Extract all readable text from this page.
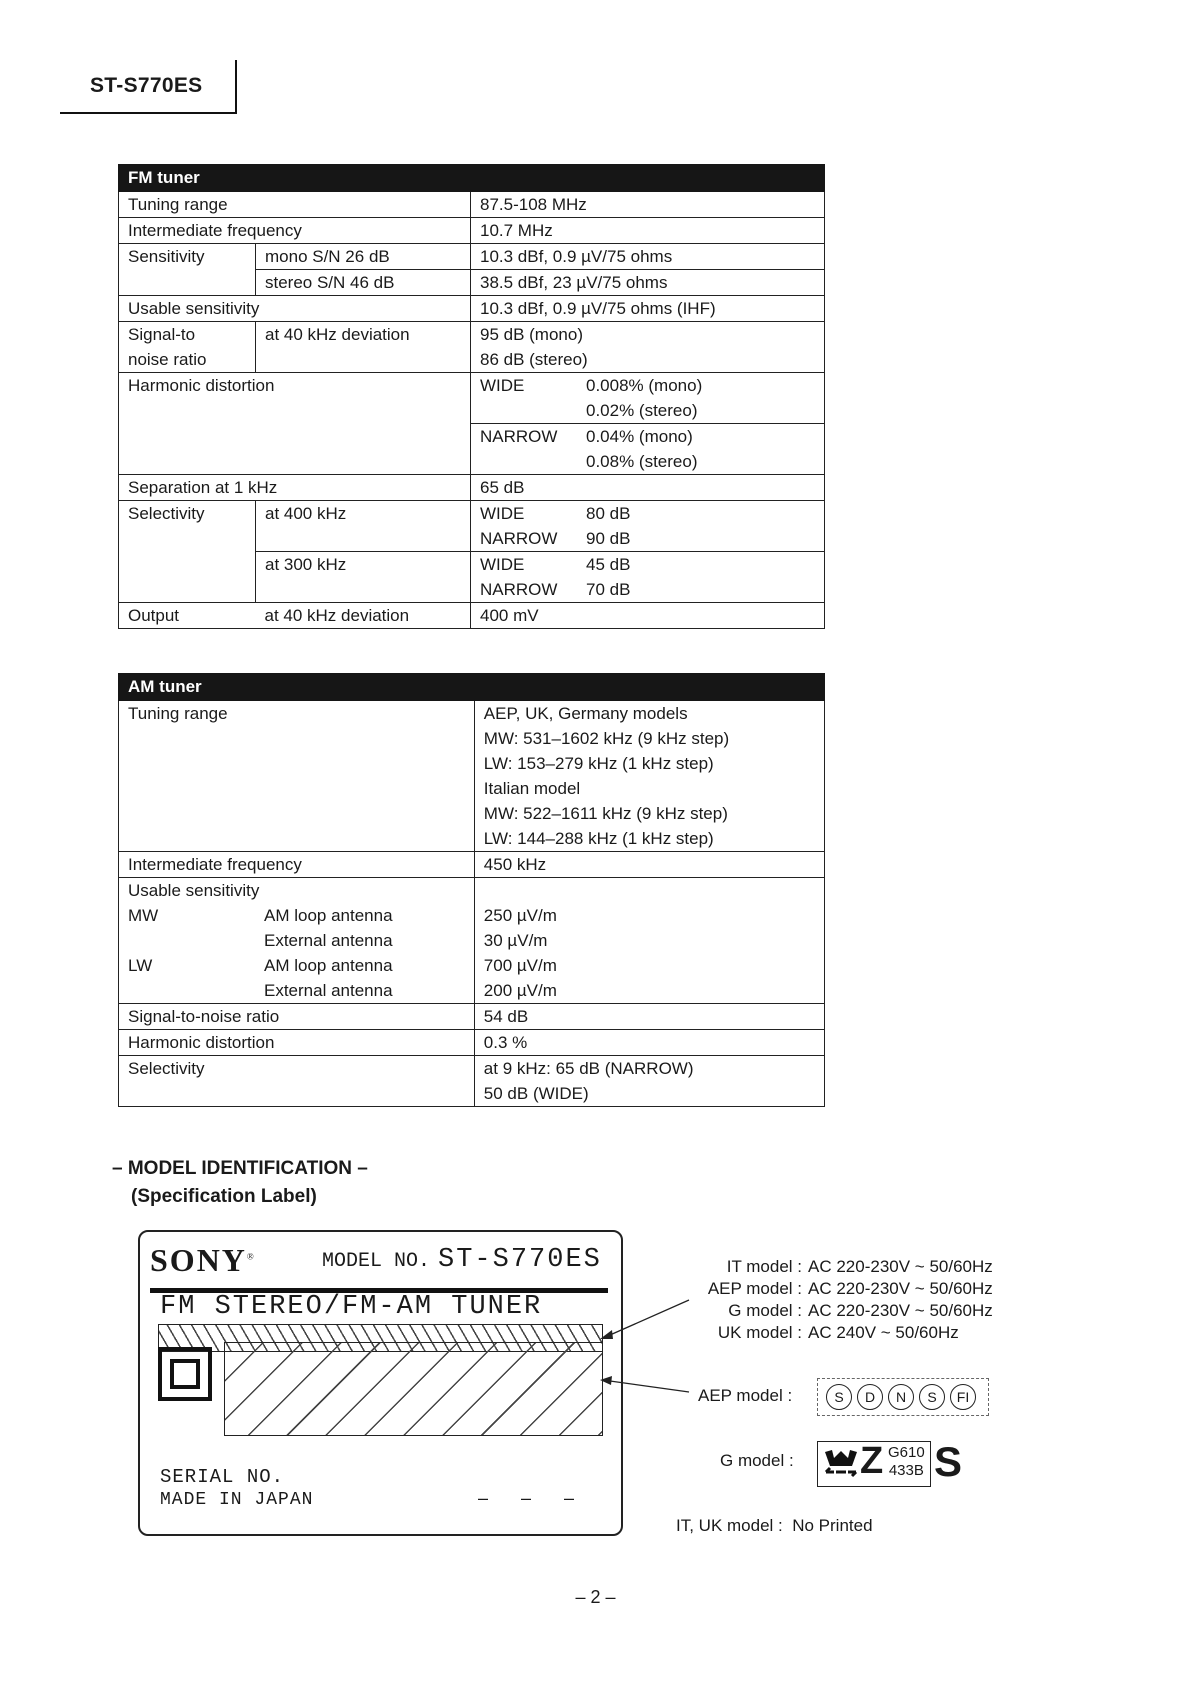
ST-S770ES
FM tuner		
Tuning range		87.5-108 MHz
Intermediate frequency		10.7 MHz
Sensitivity	mono S/N 26 dB	10.3 dBf, 0.9 µV/75 ohms
	stereo S/N 46 dB	38.5 dBf, 23 µV/75 ohms
Usable sensitivity		10.3 dBf, 0.9 µV/75 ohms (IHF)
Signal-to	at 40 kHz deviation	95 dB (mono)
noise ratio		86 dB (stereo)
Harmonic distortion		WIDE 0.008% (mono)
		0.02% (stereo)
		NARROW 0.04% (mono)
		0.08% (stereo)
Separation at 1 kHz		65 dB
Selectivity	at 400 kHz	WIDE 80 dB
		NARROW 90 dB
	at 300 kHz	WIDE 45 dB
		NARROW 70 dB
Output	at 40 kHz deviation	400 mV
AM tuner	
Tuning range	AEP, UK, Germany models
	MW: 531–1602 kHz (9 kHz step)
	LW: 153–279 kHz (1 kHz step)
	Italian model
	MW: 522–1611 kHz (9 kHz step)
	LW: 144–288 kHz (1 kHz step)
Intermediate frequency	450 kHz
Usable sensitivity	
MW AM loop antenna	250 µV/m
External antenna	30 µV/m
LW AM loop antenna	700 µV/m
External antenna	200 µV/m
Signal-to-noise ratio	54 dB
Harmonic distortion	0.3 %
Selectivity	at 9 kHz: 65 dB (NARROW)
	50 dB (WIDE)
– MODEL IDENTIFICATION –
(Specification Label)
SONY®	MODEL NO. ST-S770ES
FM STEREO/FM-AM TUNER
SERIAL NO.
MADE IN JAPAN	– – –
IT model : AC 220-230V ~ 50/60Hz
AEP model : AC 220-230V ~ 50/60Hz
G model : AC 220-230V ~ 50/60Hz
UK model : AC 240V ~ 50/60Hz
AEP model :	S	D	N	S	FI
G model : Z G610
433B S
IT, UK model : No Printed
– 2 –
